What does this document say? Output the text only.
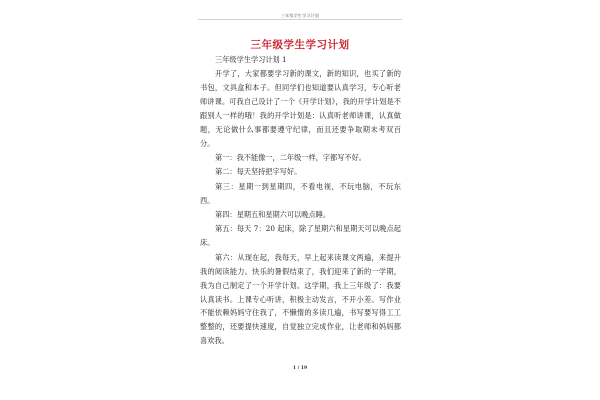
三年级学生学习计划
三年级学生学习计划

三年级学生学习计划 1

开学了，大家都要学习新的课文，新的知识，也买了新的书包，文具盒和本子。但同学们也知道要认真学习，专心听老师讲课。可我自己设计了一个《开学计划》，我的开学计划是不跟别人一样的哦！我的开学计划是：认真听老师讲课，认真做题，无论做什么事都要遵守纪律，而且还要争取期末考双百分。

第一：我不能像一，二年级一样，字都写不好。

第二：每天坚持把字写好。

第三：星期一到星期四，不看电视，不玩电脑，不玩东西。

第四：星期五和星期六可以晚点睡。

第五：每天 7：20 起床，除了星期六和星期天可以晚点起床。

第六：从现在起，我每天，早上起来读课文两遍，来提升我的阅读能力。快乐的暑假结束了，我们迎来了新的一学期，我为自己制定了一个开学计划。这学期，我上三年级了：我要认真读书。上课专心听讲，积极主动发言，不开小差。写作业不能依赖妈妈守住我了，不懒惰的多读几遍，书写要写得工工整整的，还要提快速度，自觉独立完成作业，让老师和妈妈都喜欢我。

1 / 19
